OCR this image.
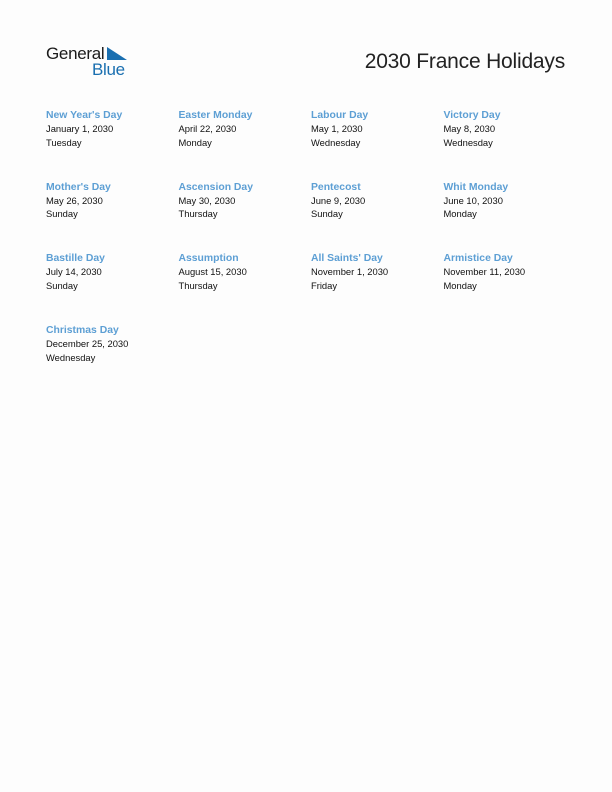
General
Blue	2030 France Holidays
New Year's Day
January 1, 2030
Tuesday
Easter Monday
April 22, 2030
Monday
Labour Day
May 1, 2030
Wednesday
Victory Day
May 8, 2030
Wednesday
Mother's Day
May 26, 2030
Sunday
Ascension Day
May 30, 2030
Thursday
Pentecost
June 9, 2030
Sunday
Whit Monday
June 10, 2030
Monday
Bastille Day
July 14, 2030
Sunday
Assumption
August 15, 2030
Thursday
All Saints' Day
November 1, 2030
Friday
Armistice Day
November 11, 2030
Monday
Christmas Day
December 25, 2030
Wednesday
